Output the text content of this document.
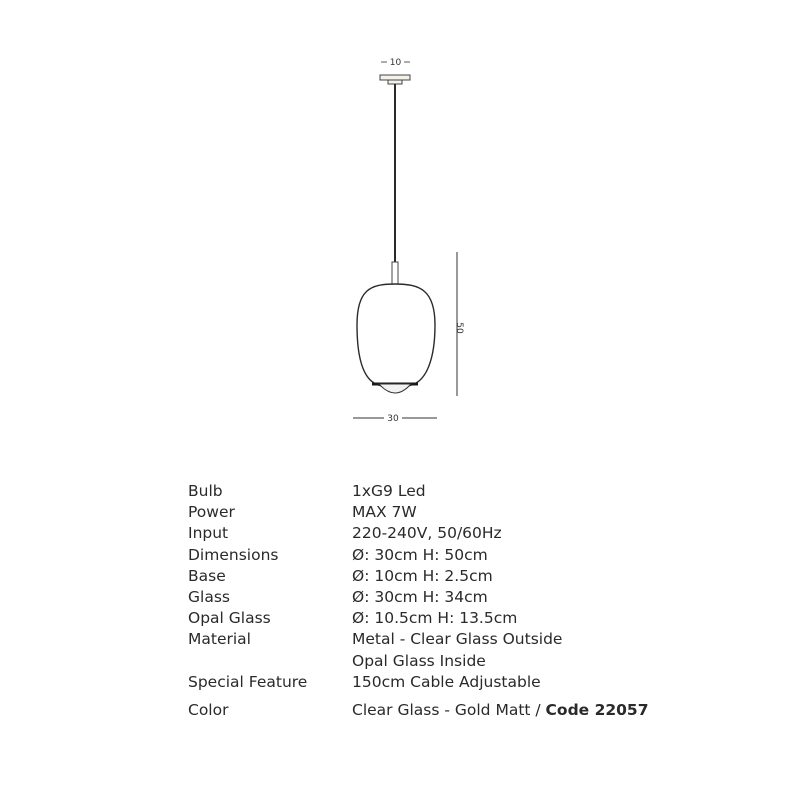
10
50
30
Bulb	1xG9 Led
Power	MAX 7W
Input	220-240V, 50/60Hz
Dimensions	Ø: 30cm H: 50cm
Base	Ø: 10cm H: 2.5cm
Glass	Ø: 30cm H: 34cm
Opal Glass	Ø: 10.5cm H: 13.5cm
Material	Metal - Clear Glass Outside
Opal Glass Inside
Special Feature	150cm Cable Adjustable
Color	Clear Glass - Gold Matt / Code 22057
